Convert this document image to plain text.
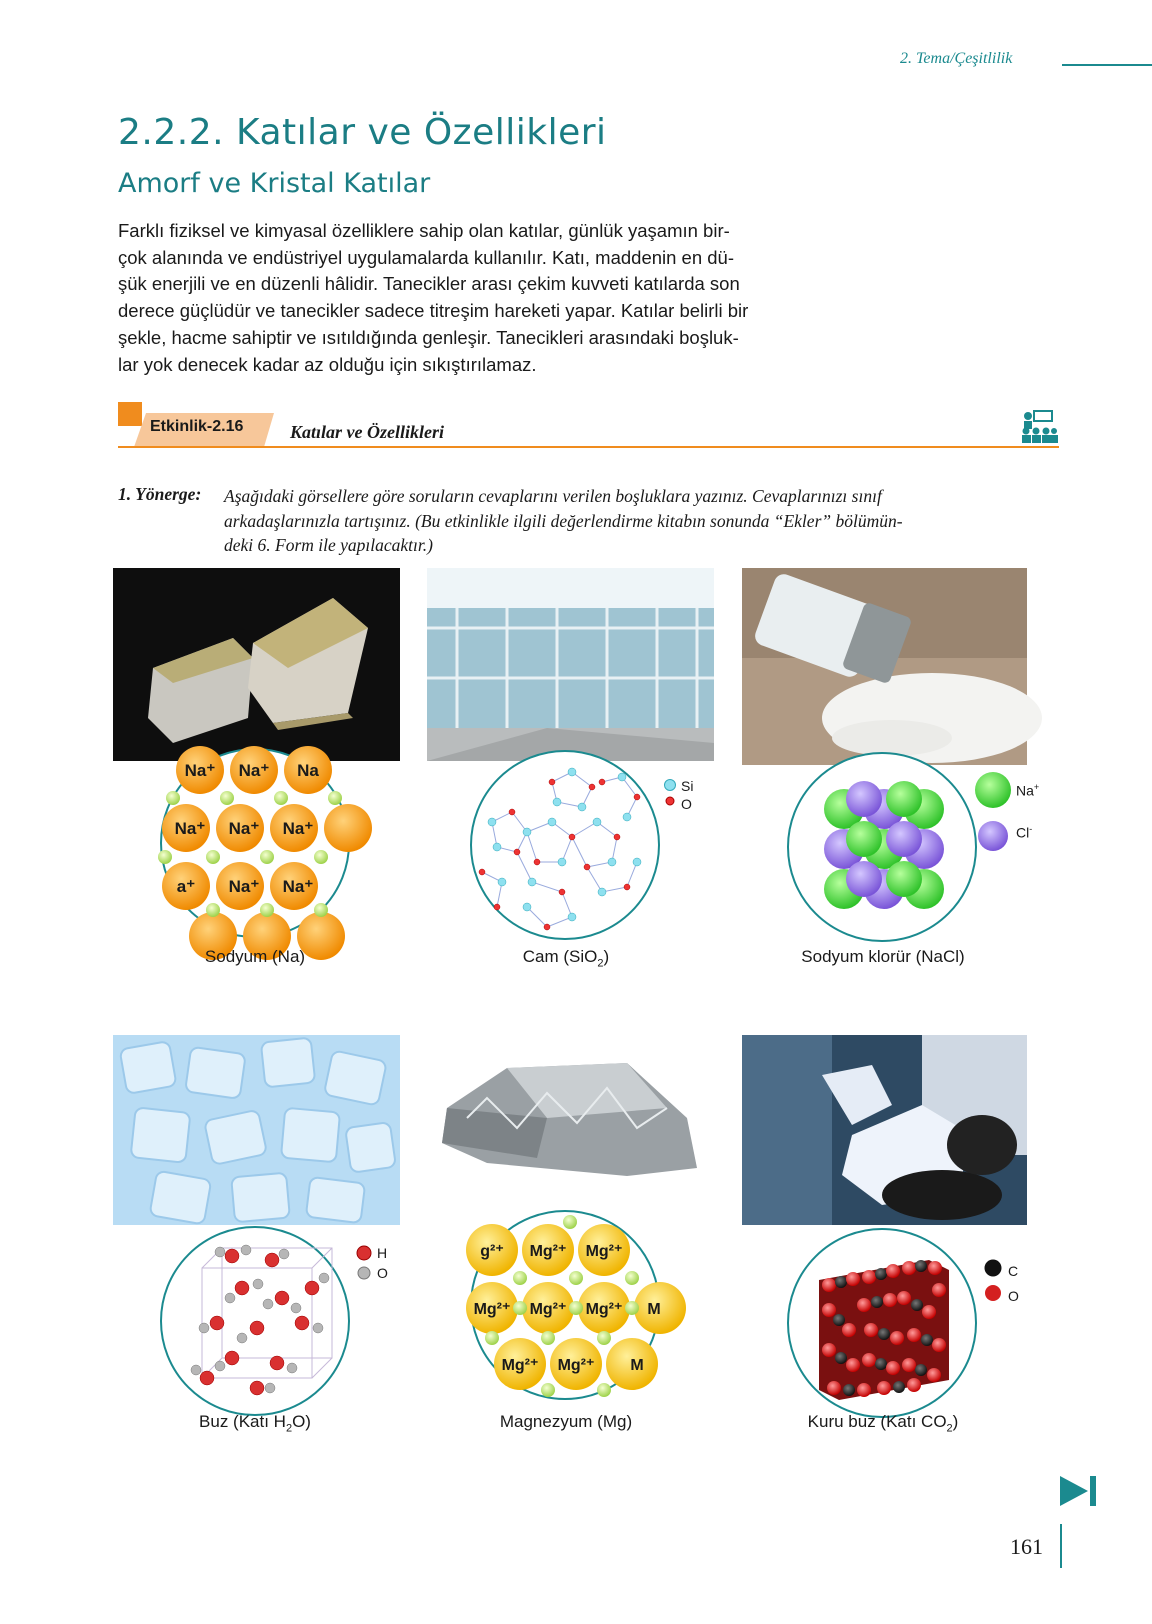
2. Tema/Çeşitlilik
2.2.2. Katılar ve Özellikleri
Amorf ve Kristal Katılar
Farklı fiziksel ve kimyasal özelliklere sahip olan katılar, günlük yaşamın bir-
çok alanında ve endüstriyel uygulamalarda kullanılır. Katı, maddenin en dü-
şük enerjili ve en düzenli hâlidir. Tanecikler arası çekim kuvveti katılarda son
derece güçlüdür ve tanecikler sadece titreşim hareketi yapar. Katılar belirli bir
şekle, hacme sahiptir ve ısıtıldığında genleşir. Tanecikleri arasındaki boşluk-
lar yok denecek kadar az olduğu için sıkıştırılamaz.
Etkinlik-2.16	Katılar ve Özellikleri
1. Yönerge: Aşağıdaki görsellere göre soruların cevaplarını verilen boşluklara yazınız. Cevaplarınızı sınıf
arkadaşlarınızla tartışınız. (Bu etkinlikle ilgili değerlendirme kitabın sonunda “Ekler” bölümün-
deki 6. Form ile yapılacaktır.)
Na⁺ Na⁺ Na
Na⁺ Na⁺ Na⁺
a⁺ Na⁺ Na⁺
Si
O
Na+
Cl-
Sodyum (Na)	Cam (SiO$_2$)	Sodyum klorür (NaCl)
H
O
g²⁺ Mg²⁺ Mg²⁺
Mg²⁺ Mg²⁺ Mg²⁺ M
Mg²⁺ Mg²⁺ M
C
O
Buz (Katı $H_2O$)	Magnezyum (Mg)	Kuru buz (Katı $CO_2$)
161
